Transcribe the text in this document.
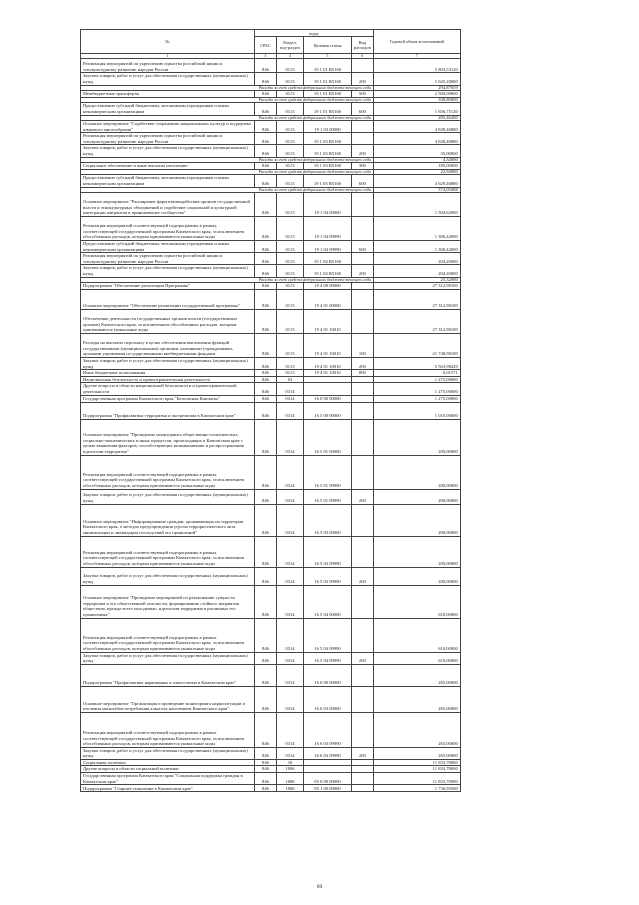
№	коды				Годовой объем ассигнований
	ГРБС	Раздел, под-раздел	Целевая статья	Вид расходов	
1	3	4	5	6	7
Реализация мероприятий по укреплению единства российской нации и этнокультурному развитию народов России	846	0113	19 1 01 R5160		5 803,53120
Закупка товаров, работ и услуг для обеспечения государственных (муниципальных) нужд	846	0113	19 1 01 R5160	200	1 645,20000
	Расходы за счет средств федерального бюджета текущего года				294,87659
Межбюджетные трансферты	846	0113	19 1 01 R5160	500	2 500,00000
	Расходы за счет средств федерального бюджета текущего года				338,80000
Предоставление субсидий бюджетным, автономным учреждениям и иным некоммерческим организациям	846	0113	19 1 01 R5160	600	1 656,75120
	Расходы за счет средств федерального бюджета текущего года				205,46200
Основное мероприятие "Содействие сохранению национальных культур и поддержка языкового многообразия"	846	0113	19 1 03 00000		4 849,46880
Реализация мероприятий по укреплению единства российской нации и этнокультурному развитию народов России	846	0113	19 1 03 R5160		4 849,46880
Закупка товаров, работ и услуг для обеспечения государственных (муниципальных) нужд	846	0113	19 1 03 R5160	200	35,00000
	Расходы за счет средств федерального бюджета текущего года				4,34000
Социальное обеспечение и иные выплаты населению	846	0113	19 1 03 R5160	300	185,00000
	Расходы за счет средств федерального бюджета текущего года				22,94000
Предоставление субсидий бюджетным, автономным учреждениям и иным некоммерческим организациям	846	0113	19 1 03 R5160	600	4 629,46880
	Расходы за счет средств федерального бюджета текущего года				574,05088
Основное мероприятие "Расширение форм взаимодействия органов государственной власти и этнокультурных объединений и содействие социальной и культурной интеграции мигрантов в принимающее сообщество"	846	0113	19 1 04 00000		1 504,62000
Реализация мероприятий соответствующей подпрограммы в рамках соответствующей государственной программы Камчатского края, за исключением обособленных расходов, которым присваиваются уникальные коды	846	0113	19 1 04 09990		1 300,42000
Предоставление субсидий бюджетным, автономным учреждениям и иным некоммерческим организациям	846	0113	19 1 04 09990	600	1 300,42000
Реализация мероприятий по укреплению единства российской нации и этнокультурному развитию народов России	846	0113	19 1 04 R5160		204,20000
Закупка товаров, работ и услуг для обеспечения государственных (муниципальных) нужд	846	0113	19 1 04 R5160	200	204,20000
	Расходы за счет средств федерального бюджета текущего года				25,32080
Подпрограмма "Обеспечение реализации Программы"	846	0113	19 4 00 00000		27 312,90100
Основное мероприятие "Обеспечение реализации государственной программы"	846	0113	19 4 01 00000		27 312,90100
Обеспечение деятельности государственных органов власти (государственных органов) Камчатского края, за исключением обособленных расходов, которым присваиваются уникальные коды	846	0113	19 4 01 10010		27 312,90100
Расходы на выплаты персоналу в целях обеспечения выполнения функций государственными (муниципальными) органами, казенными учреждениями, органами управления государственными внебюджетными фондами	846	0113	19 4 01 10010	100	21 748,90100
Закупка товаров, работ и услуг для обеспечения государственных (муниципальных) нужд	846	0113	19 4 01 10010	200	5 563,98429
Иные бюджетные ассигнования	846	0113	19 4 01 10010	800	0,01571
Национальная безопасность и правоохранительная деятельность	846	03			1 275,00000
Другие вопросы в области национальной безопасности и правоохранительной деятельности	846	0314			1 275,00000
Государственная программа Камчатского края "Безопасная Камчатка"	846	0314	16 0 00 00000		1 275,00000
Подпрограмма "Профилактика терроризма и экстремизма в Камчатском крае"	846	0314	16 5 00 00000		1 010,00000
Основное мероприятие "Проведение мониторинга общественно-политических, социально-экономических и иных процессов, происходящих в Камчатском крае с целью выявления факторов, способствующих возникновению и распространению идеологии терроризма"	846	0314	16 5 01 00000		200,00000
Реализация мероприятий соответствующей подпрограммы в рамках соответствующей государственной программы Камчатского края, за исключением обособленных расходов, которым присваиваются уникальные коды	846	0314	16 5 01 09990		200,00000
Закупка товаров, работ и услуг для обеспечения государственных (муниципальных) нужд	846	0314	16 5 01 09990	200	200,00000
Основное мероприятие "Информирование граждан, проживающих на территории Камчатского края, о методах предупреждения угрозы террористического акта, минимизации и ликвидации последствий его проявлений"	846	0314	16 5 03 00000		200,00000
Реализация мероприятий соответствующей подпрограммы в рамках соответствующей государственной программы Камчатского края, за исключением обособленных расходов, которым присваиваются уникальные коды	846	0314	16 5 03 09990		200,00000
Закупка товаров, работ и услуг для обеспечения государственных (муниципальных) нужд	846	0314	16 5 03 09990	200	200,00000
Основное мероприятие "Проведение мероприятий по разъяснению сущности терроризма и его общественной опасности, формированию стойкого неприятия обществом, прежде всего молодежью, идеологии терроризма в различных его проявлениях"	846	0314	16 5 04 00000		610,00000
Реализация мероприятий соответствующей подпрограммы в рамках соответствующей государственной программы Камчатского края, за исключением обособленных расходов, которым присваиваются уникальные коды	846	0314	16 5 04 09990		610,00000
Закупка товаров, работ и услуг для обеспечения государственных (муниципальных) нужд	846	0314	16 5 04 09990	200	610,00000
Подпрограмма "Профилактика наркомании и алкоголизма в Камчатском крае"	846	0314	16 6 00 00000		265,00000
Основное мероприятие "Организация и проведение мониторинга наркоситуации и изучения масштабов потребления алкоголя населением Камчатского края"	846	0314	16 6 03 00000		265,00000
Реализация мероприятий соответствующей подпрограммы в рамках соответствующей государственной программы Камчатского края, за исключением обособленных расходов, которым присваиваются уникальные коды	846	0314	16 6 03 09990		265,00000
Закупка товаров, работ и услуг для обеспечения государственных (муниципальных) нужд	846	0314	16 6 03 09990	200	265,00000
Социальная политика	846	10			11 833,78000
Другие вопросы в области социальной политики	846	1006			11 833,78000
Государственная программа Камчатского края "Социальная поддержка граждан в Камчатском крае"	846	1006	05 0 00 00000		11 833,78000
Подпрограмма "Старшее поколение в Камчатском крае"	846	1006	05 1 00 00000		1 736,95500
69
